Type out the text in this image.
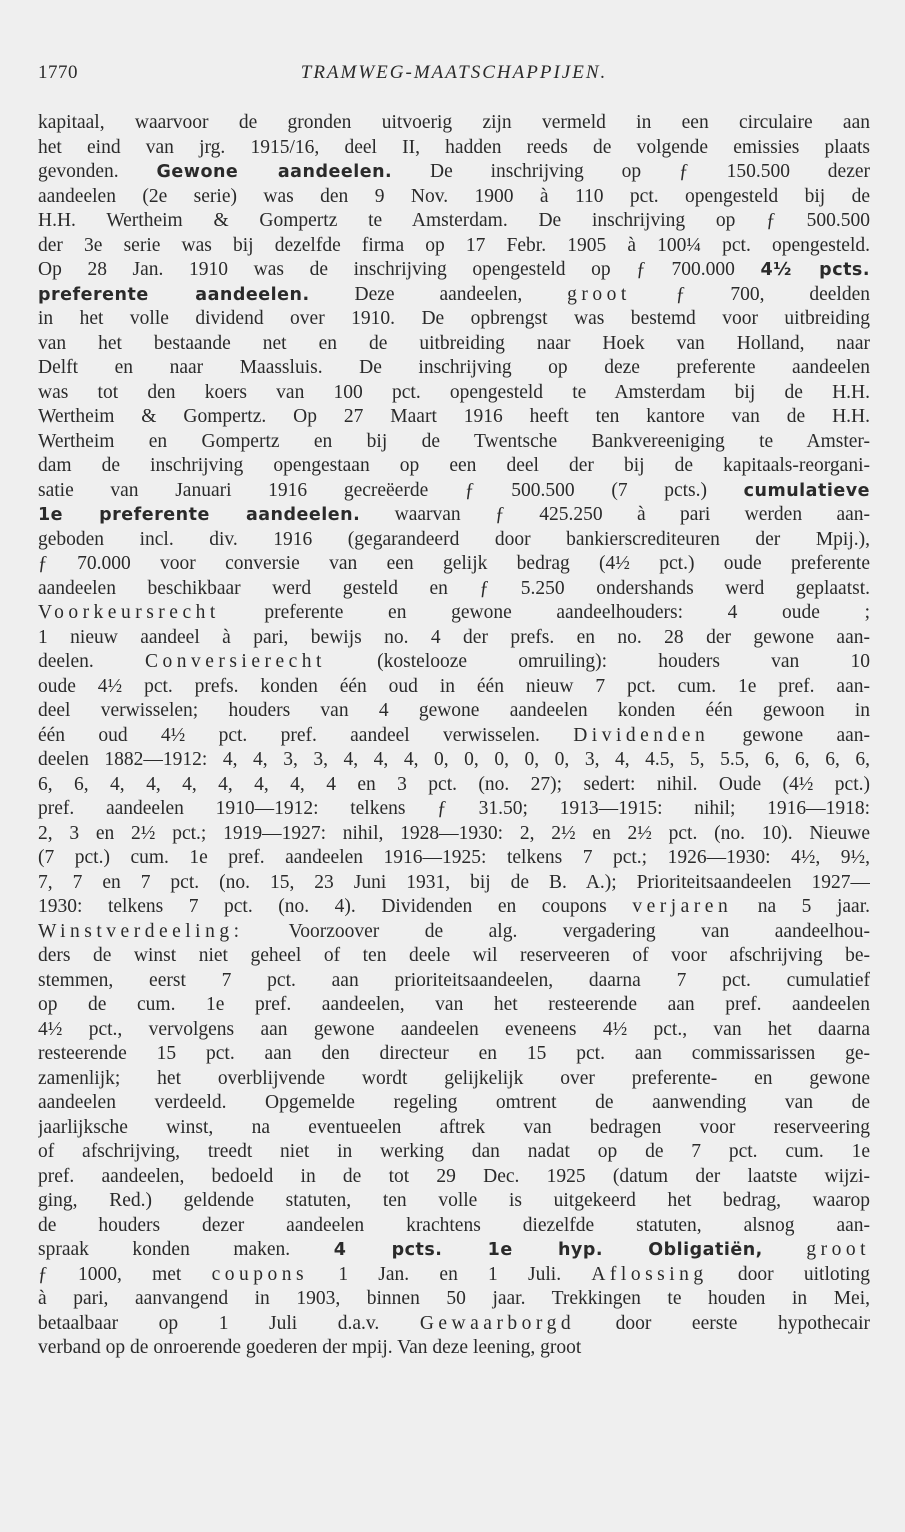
1770	TRAMWEG-MAATSCHAPPIJEN.
kapitaal, waarvoor de gronden uitvoerig zijn vermeld in een circulaire aan
het eind van jrg. 1915/16, deel II, hadden reeds de volgende emissies plaats
gevonden. Gewone aandeelen. De inschrijving op ƒ 150.500 dezer
aandeelen (2e serie) was den 9 Nov. 1900 à 110 pct. opengesteld bij de
H.H. Wertheim & Gompertz te Amsterdam. De inschrijving op ƒ 500.500
der 3e serie was bij dezelfde firma op 17 Febr. 1905 à 100¼ pct. opengesteld.
Op 28 Jan. 1910 was de inschrijving opengesteld op ƒ 700.000 4½ pcts.
preferente aandeelen. Deze aandeelen, groot ƒ 700, deelden
in het volle dividend over 1910. De opbrengst was bestemd voor uitbreiding
van het bestaande net en de uitbreiding naar Hoek van Holland, naar
Delft en naar Maassluis. De inschrijving op deze preferente aandeelen
was tot den koers van 100 pct. opengesteld te Amsterdam bij de H.H.
Wertheim & Gompertz. Op 27 Maart 1916 heeft ten kantore van de H.H.
Wertheim en Gompertz en bij de Twentsche Bankvereeniging te Amster-
dam de inschrijving opengestaan op een deel der bij de kapitaals-reorgani-
satie van Januari 1916 gecreëerde ƒ 500.500 (7 pcts.) cumulatieve
1e preferente aandeelen. waarvan ƒ 425.250 à pari werden aan-
geboden incl. div. 1916 (gegarandeerd door bankierscrediteuren der Mpij.),
ƒ 70.000 voor conversie van een gelijk bedrag (4½ pct.) oude preferente
aandeelen beschikbaar werd gesteld en ƒ 5.250 ondershands werd geplaatst.
Voorkeursrecht preferente en gewone aandeelhouders: 4 oude ;
1 nieuw aandeel à pari, bewijs no. 4 der prefs. en no. 28 der gewone aan-
deelen. Conversierecht (kostelooze omruiling): houders van 10
oude 4½ pct. prefs. konden één oud in één nieuw 7 pct. cum. 1e pref. aan-
deel verwisselen; houders van 4 gewone aandeelen konden één gewoon in
één oud 4½ pct. pref. aandeel verwisselen. Dividenden gewone aan-
deelen 1882—1912: 4, 4, 3, 3, 4, 4, 4, 0, 0, 0, 0, 0, 3, 4, 4.5, 5, 5.5, 6, 6, 6, 6,
6, 6, 4, 4, 4, 4, 4, 4, 4 en 3 pct. (no. 27); sedert: nihil. Oude (4½ pct.)
pref. aandeelen 1910—1912: telkens ƒ 31.50; 1913—1915: nihil; 1916—1918:
2, 3 en 2½ pct.; 1919—1927: nihil, 1928—1930: 2, 2½ en 2½ pct. (no. 10). Nieuwe
(7 pct.) cum. 1e pref. aandeelen 1916—1925: telkens 7 pct.; 1926—1930: 4½, 9½,
7, 7 en 7 pct. (no. 15, 23 Juni 1931, bij de B. A.); Prioriteitsaandeelen 1927—
1930: telkens 7 pct. (no. 4). Dividenden en coupons verjaren na 5 jaar.
Winstverdeeling: Voorzoover de alg. vergadering van aandeelhou-
ders de winst niet geheel of ten deele wil reserveeren of voor afschrijving be-
stemmen, eerst 7 pct. aan prioriteitsaandeelen, daarna 7 pct. cumulatief
op de cum. 1e pref. aandeelen, van het resteerende aan pref. aandeelen
4½ pct., vervolgens aan gewone aandeelen eveneens 4½ pct., van het daarna
resteerende 15 pct. aan den directeur en 15 pct. aan commissarissen ge-
zamenlijk; het overblijvende wordt gelijkelijk over preferente- en gewone
aandeelen verdeeld. Opgemelde regeling omtrent de aanwending van de
jaarlijksche winst, na eventueelen aftrek van bedragen voor reserveering
of afschrijving, treedt niet in werking dan nadat op de 7 pct. cum. 1e
pref. aandeelen, bedoeld in de tot 29 Dec. 1925 (datum der laatste wijzi-
ging, Red.) geldende statuten, ten volle is uitgekeerd het bedrag, waarop
de houders dezer aandeelen krachtens diezelfde statuten, alsnog aan-
spraak konden maken. 4 pcts. 1e hyp. Obligatiën, groot
ƒ 1000, met coupons 1 Jan. en 1 Juli. Aflossing door uitloting
à pari, aanvangend in 1903, binnen 50 jaar. Trekkingen te houden in Mei,
betaalbaar op 1 Juli d.a.v. Gewaarborgd door eerste hypothecair
verband op de onroerende goederen der mpij. Van deze leening, groot
